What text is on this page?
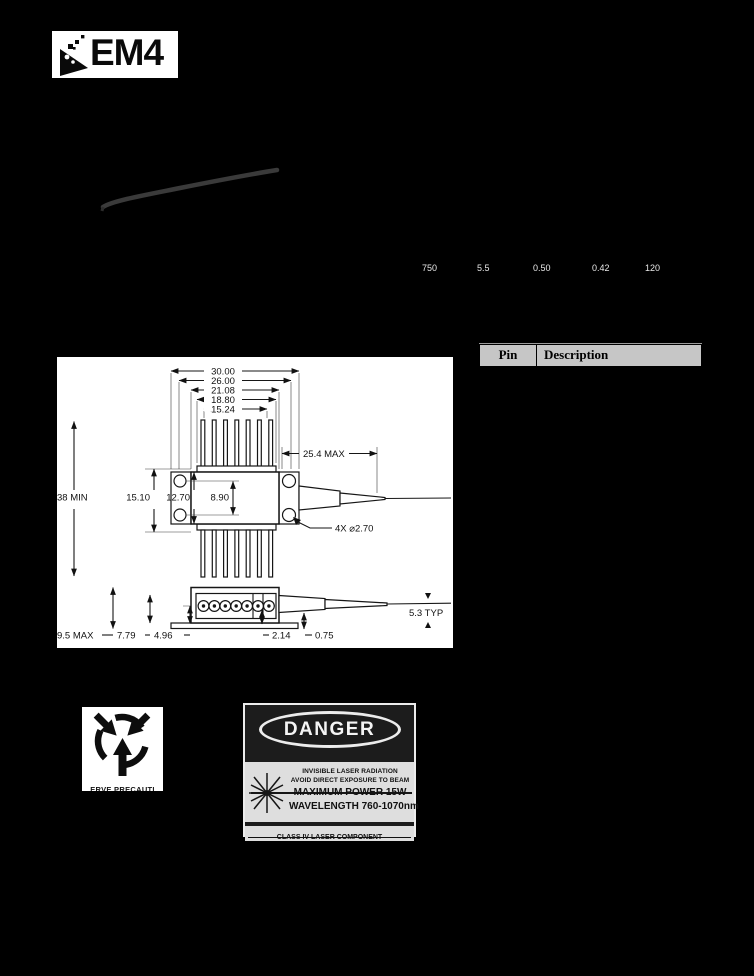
EM4
750	5.5	0.50	0.42	120
30.00
26.00
21.08
18.80
15.24
25.4 MAX
38 MIN	15.10 12.70 8.90
4X ⌀2.70
9.5 MAX 7.79 4.96	2.14	0.75
5.3 TYP
Pin	Description
ERVE PRECAUTI
DANGER
INVISIBLE LASER RADIATION
AVOID DIRECT EXPOSURE TO BEAM
MAXIMUM POWER 15W
WAVELENGTH 760-1070nm
